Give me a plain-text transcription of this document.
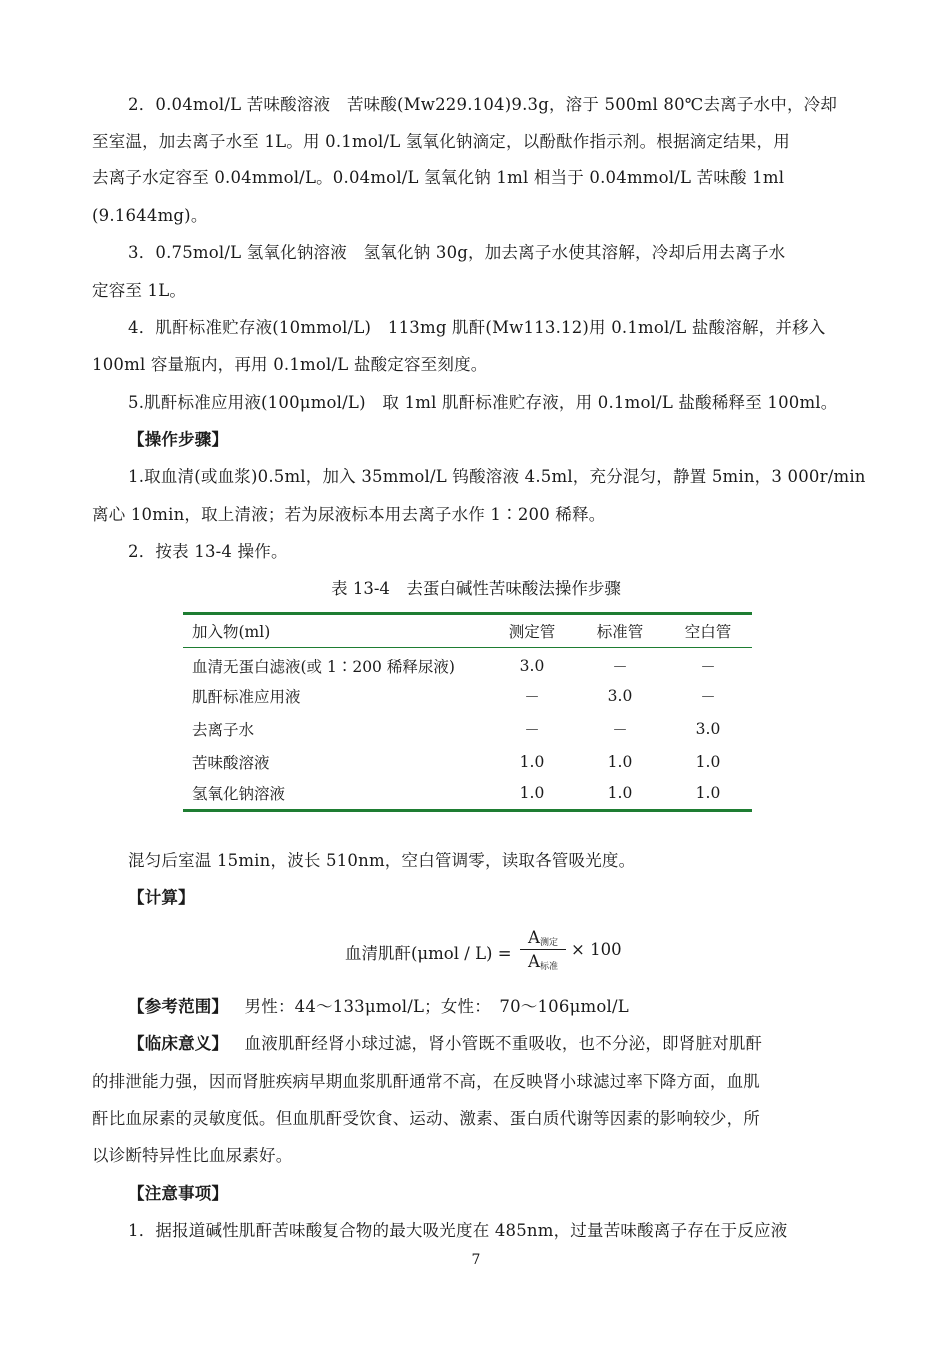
2．0.04mol/L 苦味酸溶液　苦味酸(Mw229.104)9.3g，溶于 500ml 80℃去离子水中，冷却
至室温，加去离子水至 1L。用 0.1mol/L 氢氧化钠滴定，以酚酞作指示剂。根据滴定结果，用
去离子水定容至 0.04mmol/L。0.04mol/L 氢氧化钠 1ml 相当于 0.04mmol/L 苦味酸 1ml
(9.1644mg)。
3．0.75mol/L 氢氧化钠溶液　氢氧化钠 30g，加去离子水使其溶解，冷却后用去离子水
定容至 1L。
4．肌酐标准贮存液(10mmol/L)　113mg 肌酐(Mw113.12)用 0.1mol/L 盐酸溶解，并移入
100ml 容量瓶内，再用 0.1mol/L 盐酸定容至刻度。
5.肌酐标准应用液(100μmol/L)　取 1ml 肌酐标准贮存液，用 0.1mol/L 盐酸稀释至 100ml。
【操作步骤】
1.取血清(或血浆)0.5ml，加入 35mmol/L 钨酸溶液 4.5ml，充分混匀，静置 5min，3 000r/min
离心 10min，取上清液；若为尿液标本用去离子水作 1∶200 稀释。
2．按表 13-4 操作。
表 13-4　去蛋白碱性苦味酸法操作步骤
加入物(ml)	测定管	标准管	空白管
血清无蛋白滤液(或 1∶200 稀释尿液)	3.0	－	－
肌酐标准应用液	－	3.0	－
去离子水	－	－	3.0
苦味酸溶液	1.0	1.0	1.0
氢氧化钠溶液	1.0	1.0	1.0
混匀后室温 15min，波长 510nm，空白管调零，读取各管吸光度。
【计算】
血清肌酐(μmol / L) =
$A_{测定}$
$A_{标准}$
× 100
【参考范围】 男性：44～133μmol/L；女性：　70～106μmol/L
【临床意义】 血液肌酐经肾小球过滤，肾小管既不重吸收，也不分泌，即肾脏对肌酐
的排泄能力强，因而肾脏疾病早期血浆肌酐通常不高，在反映肾小球滤过率下降方面，血肌
酐比血尿素的灵敏度低。但血肌酐受饮食、运动、激素、蛋白质代谢等因素的影响较少，所
以诊断特异性比血尿素好。
【注意事项】
1．据报道碱性肌酐苦味酸复合物的最大吸光度在 485nm，过量苦味酸离子存在于反应液
7
